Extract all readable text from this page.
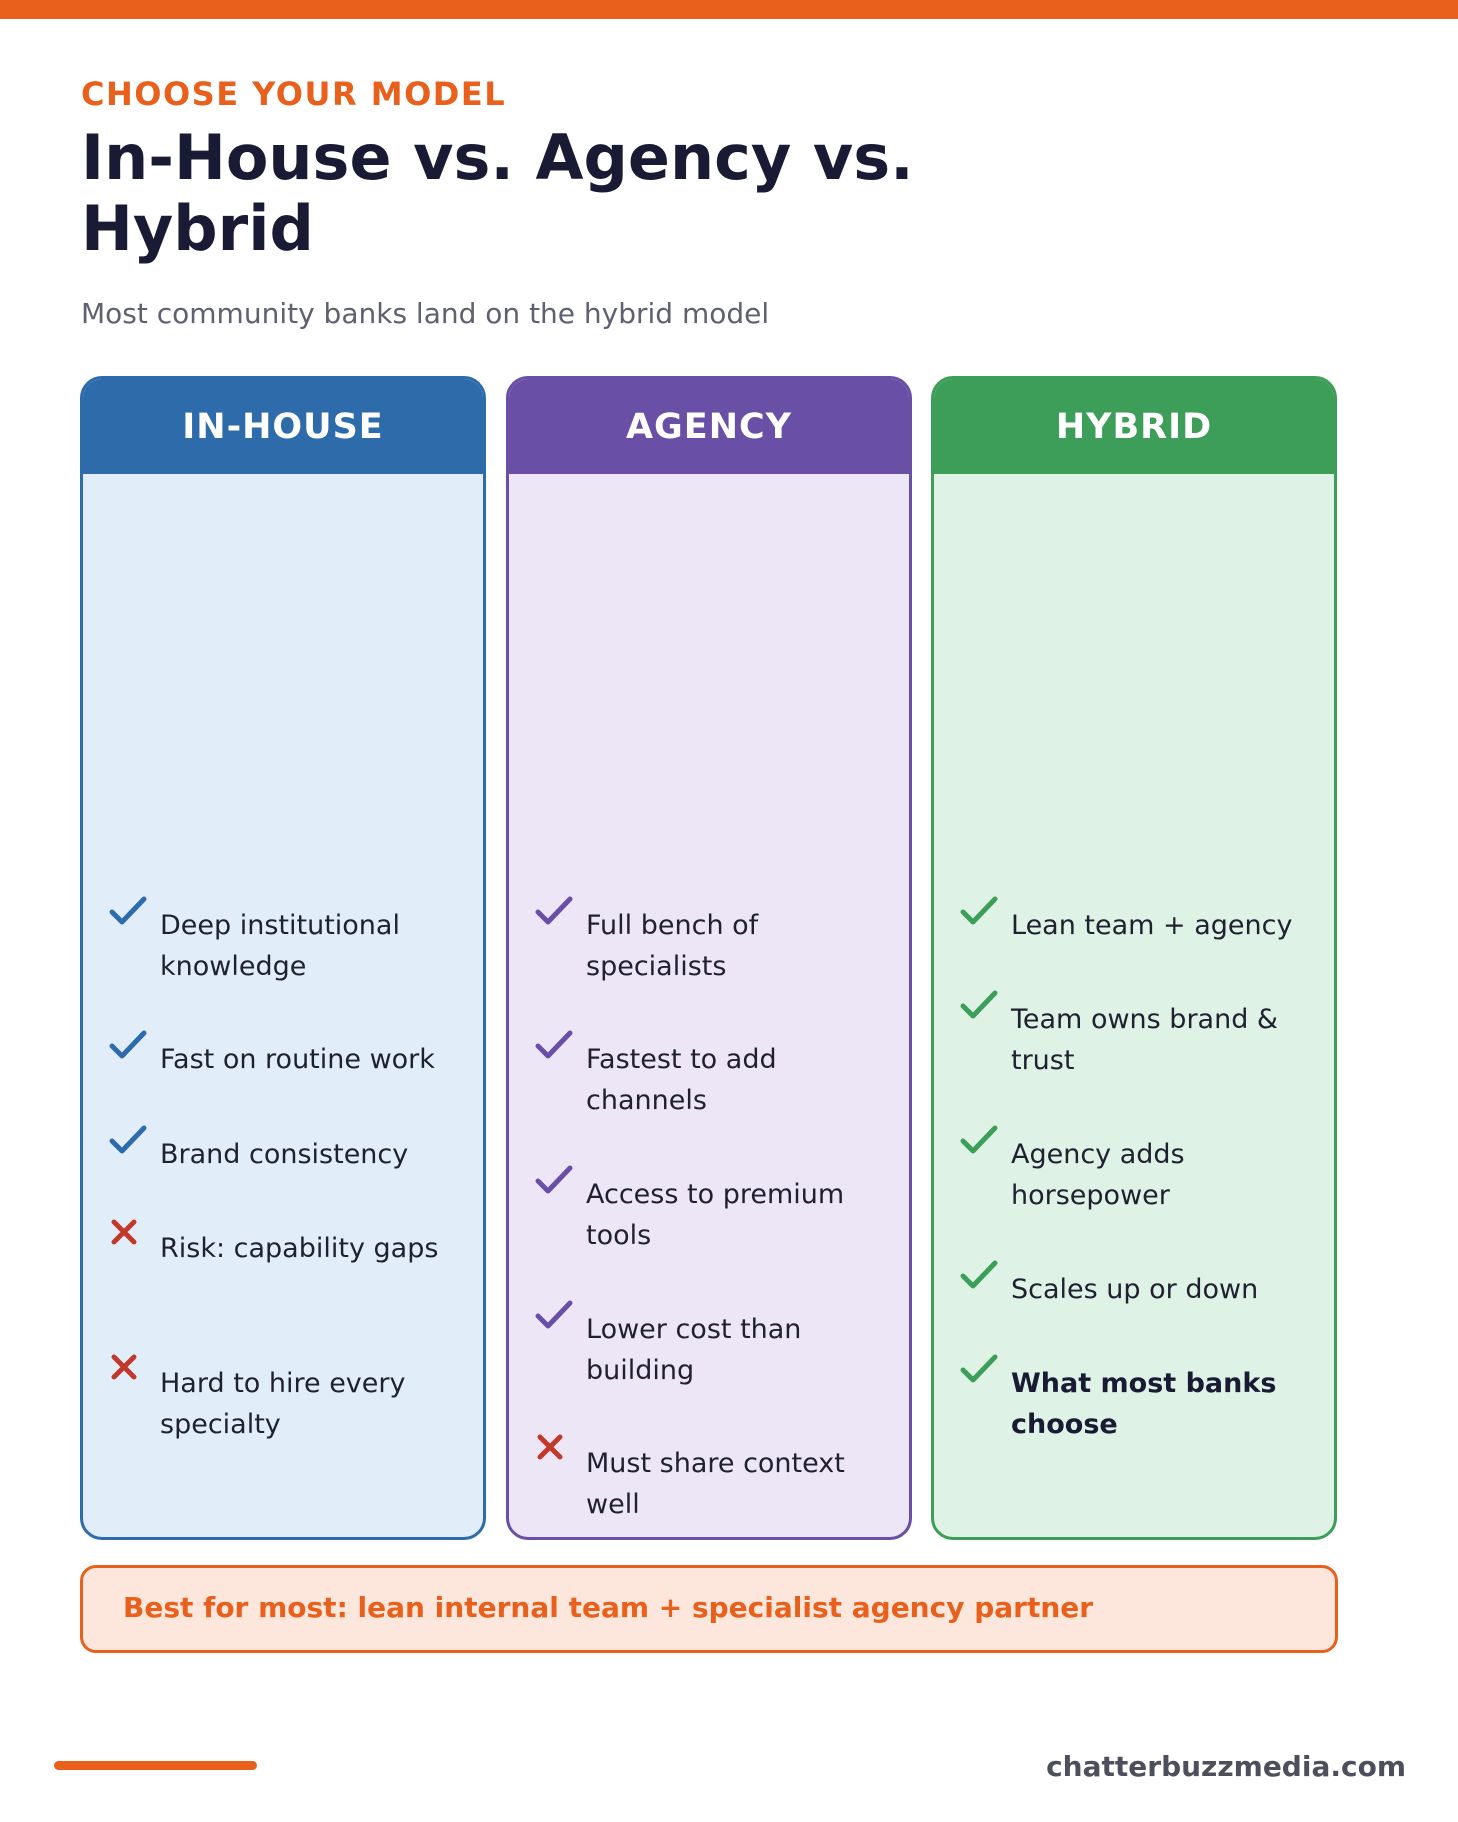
CHOOSE YOUR MODEL
In-House vs. Agency vs. Hybrid
Most community banks land on the hybrid model
IN-HOUSE
Deep institutional knowledge
Fast on routine work
Brand consistency
Risk: capability gaps
Hard to hire every specialty
AGENCY
Full bench of specialists
Fastest to add channels
Access to premium tools
Lower cost than building
Must share context well
HYBRID
Lean team + agency
Team owns brand & trust
Agency adds horsepower
Scales up or down
What most banks choose
Best for most: lean internal team + specialist agency partner
chatterbuzzmedia.com
